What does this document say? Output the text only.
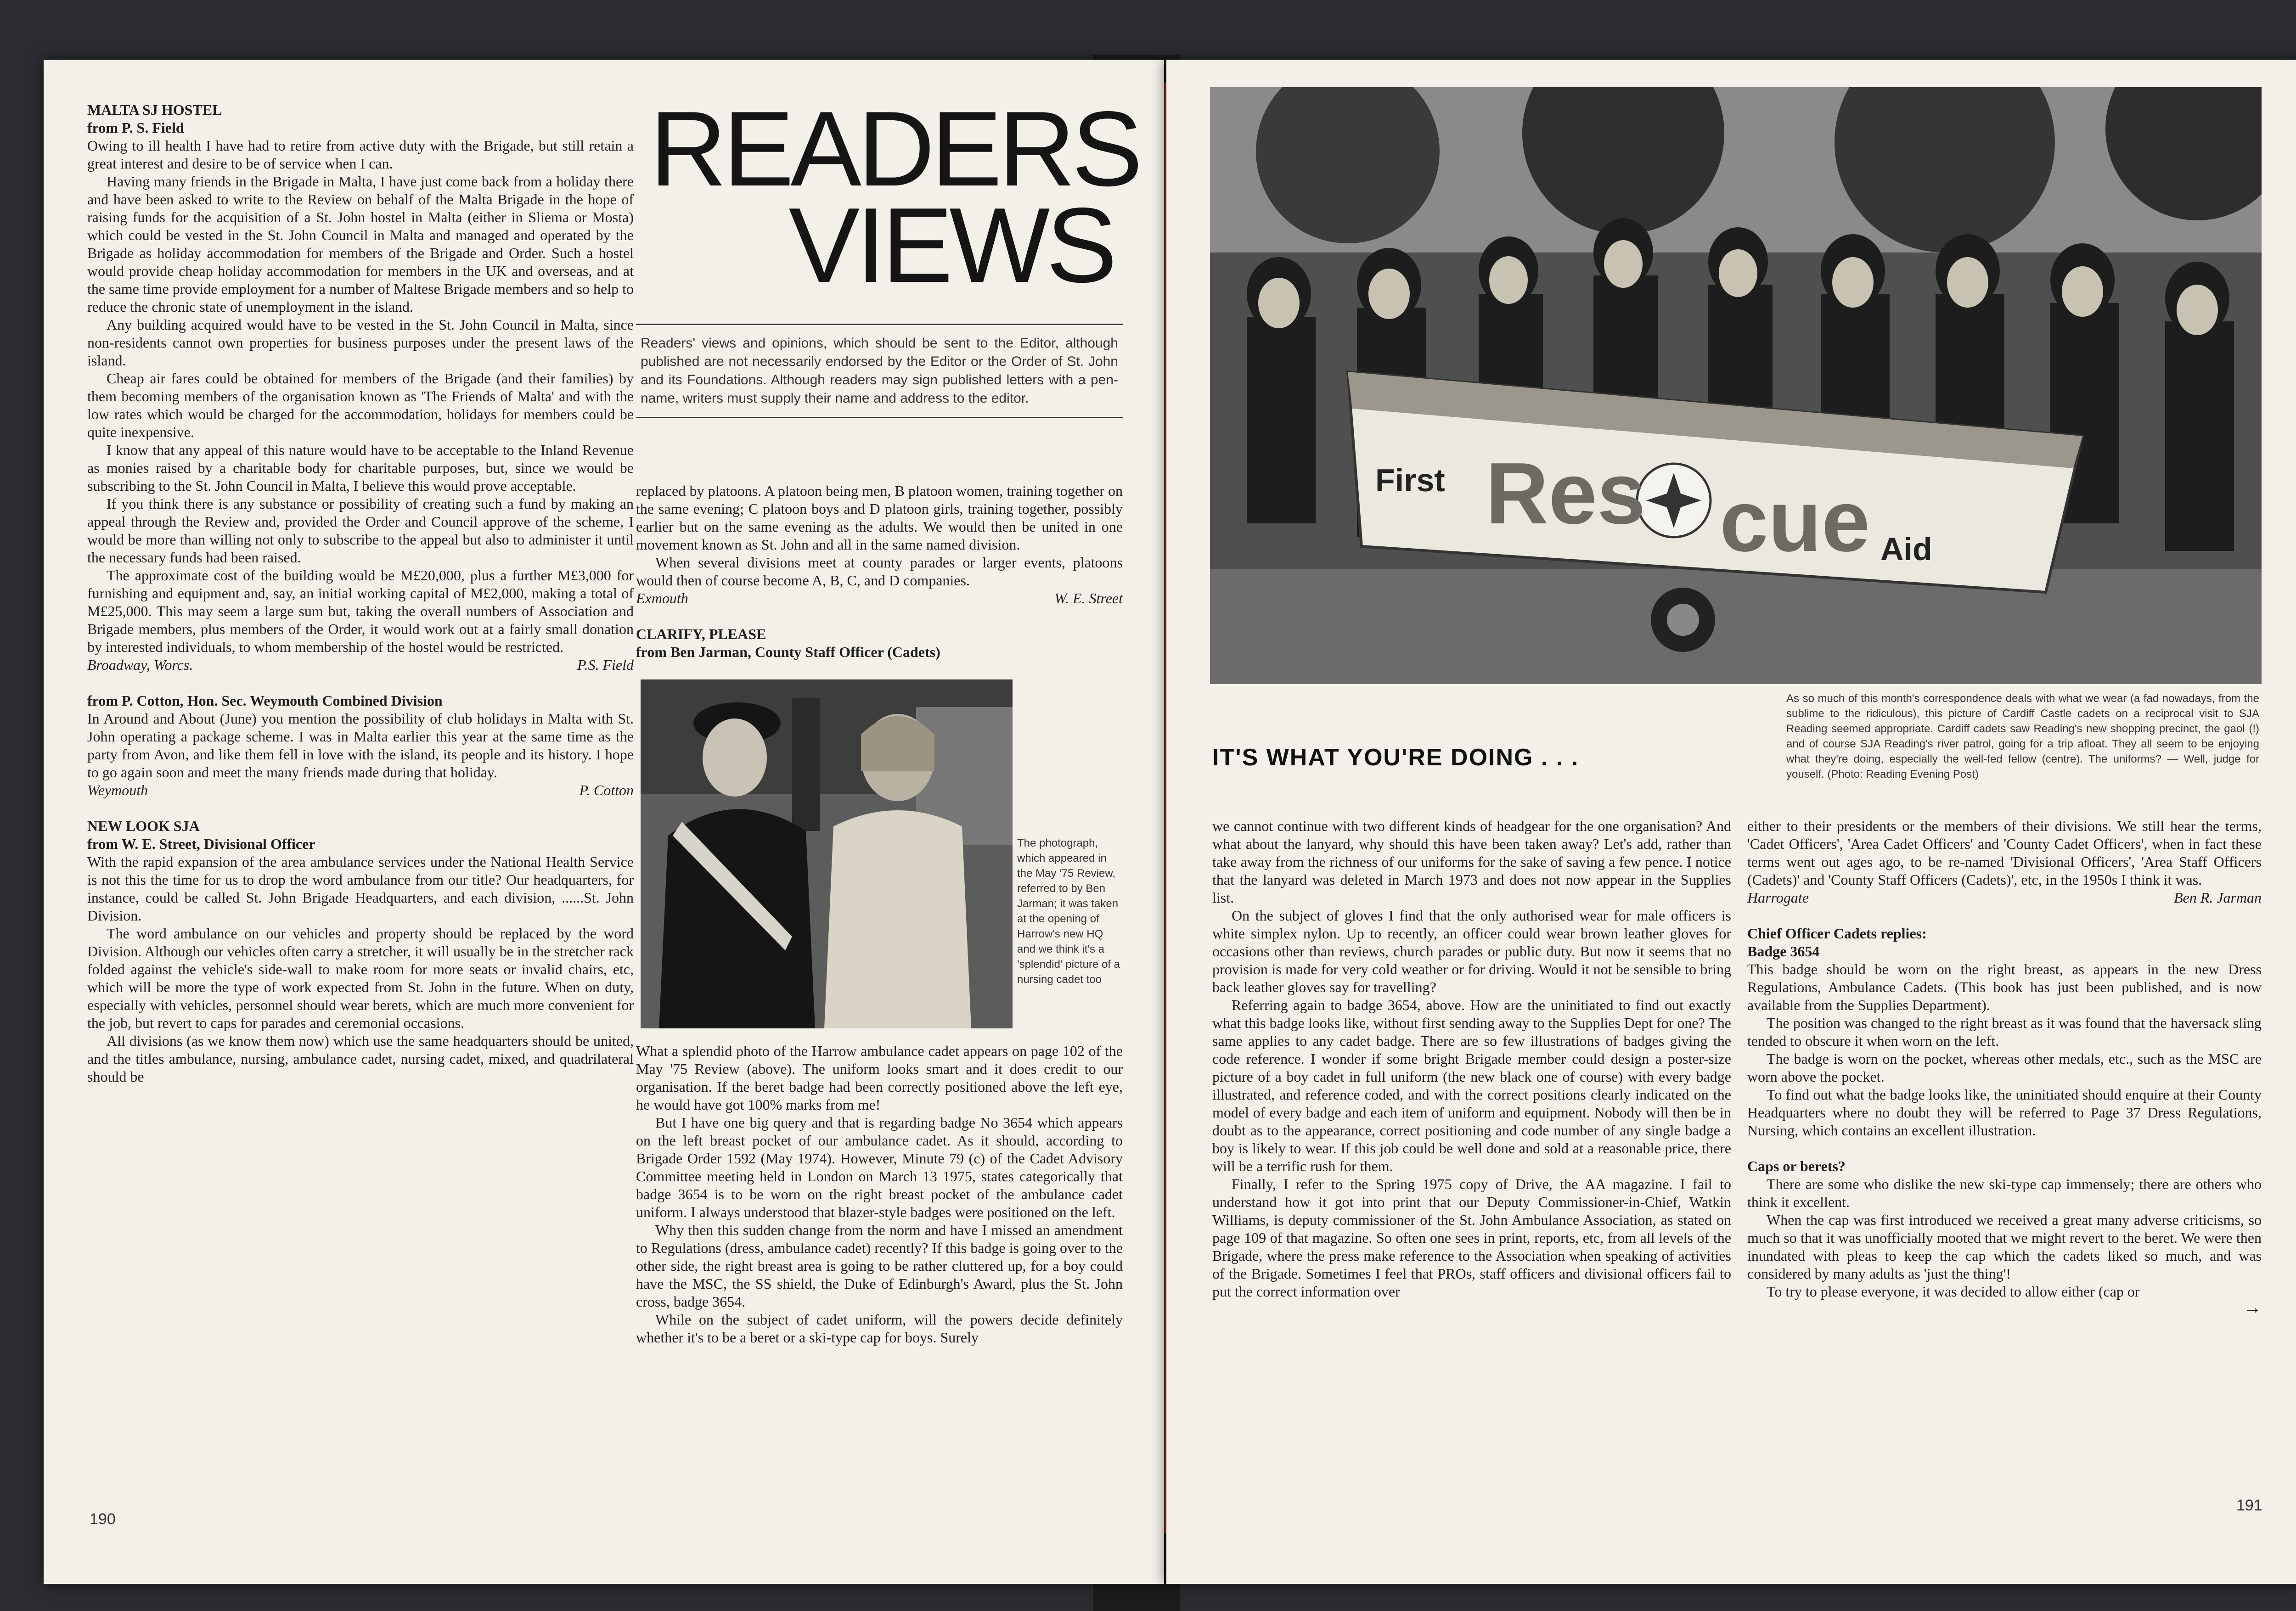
MALTA SJ HOSTEL

from P. S. Field

Owing to ill health I have had to retire from active duty with the Brigade, but still retain a great interest and desire to be of service when I can.

Having many friends in the Brigade in Malta, I have just come back from a holiday there and have been asked to write to the Review on behalf of the Malta Brigade in the hope of raising funds for the acquisition of a St. John hostel in Malta (either in Sliema or Mosta) which could be vested in the St. John Council in Malta and managed and operated by the Brigade as holiday accommodation for members of the Brigade and Order. Such a hostel would provide cheap holiday accommodation for members in the UK and overseas, and at the same time provide employment for a number of Maltese Brigade members and so help to reduce the chronic state of unemployment in the island.

Any building acquired would have to be vested in the St. John Council in Malta, since non-residents cannot own properties for business purposes under the present laws of the island.

Cheap air fares could be obtained for members of the Brigade (and their families) by them becoming members of the organisation known as 'The Friends of Malta' and with the low rates which would be charged for the accommodation, holidays for members could be quite inexpensive.

I know that any appeal of this nature would have to be acceptable to the Inland Revenue as monies raised by a charitable body for charitable purposes, but, since we would be subscribing to the St. John Council in Malta, I believe this would prove acceptable.

If you think there is any substance or possibility of creating such a fund by making an appeal through the Review and, provided the Order and Council approve of the scheme, I would be more than willing not only to subscribe to the appeal but also to administer it until the necessary funds had been raised.

The approximate cost of the building would be M£20,000, plus a further M£3,000 for furnishing and equipment and, say, an initial working capital of M£2,000, making a total of M£25,000. This may seem a large sum but, taking the overall numbers of Association and Brigade members, plus members of the Order, it would work out at a fairly small donation by interested individuals, to whom membership of the hostel would be restricted.

Broadway, Worcs.	P.S. Field

from P. Cotton, Hon. Sec. Weymouth Combined Division

In Around and About (June) you mention the possibility of club holidays in Malta with St. John operating a package scheme. I was in Malta earlier this year at the same time as the party from Avon, and like them fell in love with the island, its people and its history. I hope to go again soon and meet the many friends made during that holiday.

Weymouth	P. Cotton

NEW LOOK SJA

from W. E. Street, Divisional Officer

With the rapid expansion of the area ambulance services under the National Health Service is not this the time for us to drop the word ambulance from our title? Our headquarters, for instance, could be called St. John Brigade Headquarters, and each division, ......St. John Division.

The word ambulance on our vehicles and property should be replaced by the word Division. Although our vehicles often carry a stretcher, it will usually be in the stretcher rack folded against the vehicle's side-wall to make room for more seats or invalid chairs, etc, which will be more the type of work expected from St. John in the future. When on duty, especially with vehicles, personnel should wear berets, which are much more convenient for the job, but revert to caps for parades and ceremonial occasions.

All divisions (as we know them now) which use the same headquarters should be united, and the titles ambulance, nursing, ambulance cadet, nursing cadet, mixed, and quadrilateral should be

READERS
VIEWS
Readers' views and opinions, which should be sent to the Editor, although published are not necessarily endorsed by the Editor or the Order of St. John and its Foundations. Although readers may sign published letters with a pen-name, writers must supply their name and address to the editor.

replaced by platoons. A platoon being men, B platoon women, training together on the same evening; C platoon boys and D platoon girls, training together, possibly earlier but on the same evening as the adults. We would then be united in one movement known as St. John and all in the same named division.

When several divisions meet at county parades or larger events, platoons would then of course become A, B, C, and D companies.

Exmouth	W. E. Street

CLARIFY, PLEASE

from Ben Jarman, County Staff Officer (Cadets)

The photograph, which appeared in the May '75 Review, referred to by Ben Jarman; it was taken at the opening of Harrow's new HQ and we think it's a 'splendid' picture of a nursing cadet too

What a splendid photo of the Harrow ambulance cadet appears on page 102 of the May '75 Review (above). The uniform looks smart and it does credit to our organisation. If the beret badge had been correctly positioned above the left eye, he would have got 100% marks from me!

But I have one big query and that is regarding badge No 3654 which appears on the left breast pocket of our ambulance cadet. As it should, according to Brigade Order 1592 (May 1974). However, Minute 79 (c) of the Cadet Advisory Committee meeting held in London on March 13 1975, states categorically that badge 3654 is to be worn on the right breast pocket of the ambulance cadet uniform. I always understood that blazer-style badges were positioned on the left.

Why then this sudden change from the norm and have I missed an amendment to Regulations (dress, ambulance cadet) recently? If this badge is going over to the other side, the right breast area is going to be rather cluttered up, for a boy could have the MSC, the SS shield, the Duke of Edinburgh's Award, plus the St. John cross, badge 3654.

While on the subject of cadet uniform, will the powers decide definitely whether it's to be a beret or a ski-type cap for boys. Surely

190
First Res cue Aid
As so much of this month's correspondence deals with what we wear (a fad nowadays, from the sublime to the ridiculous), this picture of Cardiff Castle cadets on a reciprocal visit to SJA Reading seemed appropriate. Cardiff cadets saw Reading's new shopping precinct, the gaol (!) and of course SJA Reading's river patrol, going for a trip afloat. They all seem to be enjoying what they're doing, especially the well-fed fellow (centre). The uniforms? — Well, judge for youself. (Photo: Reading Evening Post)
IT'S WHAT YOU'RE DOING . . .

we cannot continue with two different kinds of headgear for the one organisation? And what about the lanyard, why should this have been taken away? Let's add, rather than take away from the richness of our uniforms for the sake of saving a few pence. I notice that the lanyard was deleted in March 1973 and does not now appear in the Supplies list.

On the subject of gloves I find that the only authorised wear for male officers is white simplex nylon. Up to recently, an officer could wear brown leather gloves for occasions other than reviews, church parades or public duty. But now it seems that no provision is made for very cold weather or for driving. Would it not be sensible to bring back leather gloves say for travelling?

Referring again to badge 3654, above. How are the uninitiated to find out exactly what this badge looks like, without first sending away to the Supplies Dept for one? The same applies to any cadet badge. There are so few illustrations of badges giving the code reference. I wonder if some bright Brigade member could design a poster-size picture of a boy cadet in full uniform (the new black one of course) with every badge illustrated, and reference coded, and with the correct positions clearly indicated on the model of every badge and each item of uniform and equipment. Nobody will then be in doubt as to the appearance, correct positioning and code number of any single badge a boy is likely to wear. If this job could be well done and sold at a reasonable price, there will be a terrific rush for them.

Finally, I refer to the Spring 1975 copy of Drive, the AA magazine. I fail to understand how it got into print that our Deputy Commissioner-in-Chief, Watkin Williams, is deputy commissioner of the St. John Ambulance Association, as stated on page 109 of that magazine. So often one sees in print, reports, etc, from all levels of the Brigade, where the press make reference to the Association when speaking of activities of the Brigade. Sometimes I feel that PROs, staff officers and divisional officers fail to put the correct information over

either to their presidents or the members of their divisions. We still hear the terms, 'Cadet Officers', 'Area Cadet Officers' and 'County Cadet Officers', when in fact these terms went out ages ago, to be re-named 'Divisional Officers', 'Area Staff Officers (Cadets)' and 'County Staff Officers (Cadets)', etc, in the 1950s I think it was.

Harrogate	Ben R. Jarman

Chief Officer Cadets replies:

Badge 3654

This badge should be worn on the right breast, as appears in the new Dress Regulations, Ambulance Cadets. (This book has just been published, and is now available from the Supplies Department).

The position was changed to the right breast as it was found that the haversack sling tended to obscure it when worn on the left.

The badge is worn on the pocket, whereas other medals, etc., such as the MSC are worn above the pocket.

To find out what the badge looks like, the uninitiated should enquire at their County Headquarters where no doubt they will be referred to Page 37 Dress Regulations, Nursing, which contains an excellent illustration.

Caps or berets?

There are some who dislike the new ski-type cap immensely; there are others who think it excellent.

When the cap was first introduced we received a great many adverse criticisms, so much so that it was unofficially mooted that we might revert to the beret. We were then inundated with pleas to keep the cap which the cadets liked so much, and was considered by many adults as 'just the thing'!

To try to please everyone, it was decided to allow either (cap or

→
191
